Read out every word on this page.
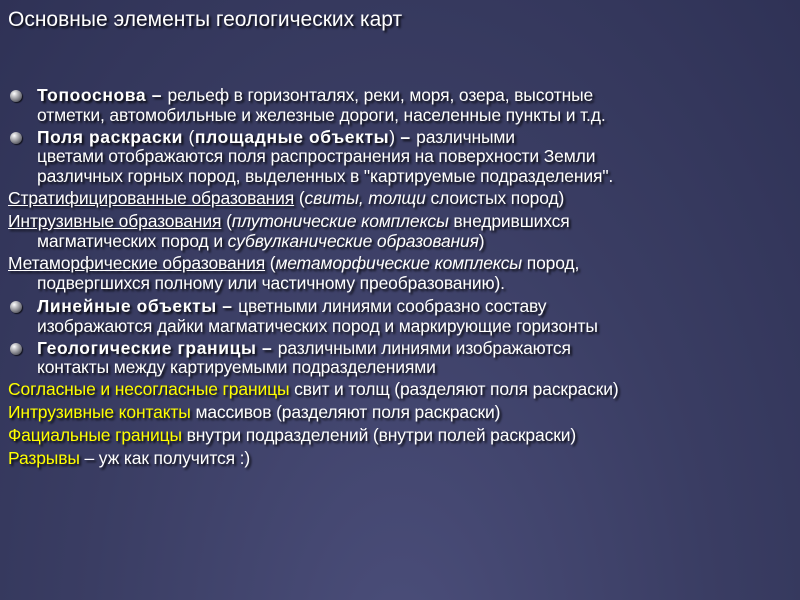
Основные элементы геологических карт
Топооснова – рельеф в горизонталях, реки, моря, озера, высотные
отметки, автомобильные и железные дороги, населенные пункты и т.д.
Поля раскраски (площадные объекты) – различными
цветами отображаются поля распространения на поверхности Земли
различных горных пород, выделенных в "картируемые подразделения".
Стратифицированные образования (свиты, толщи слоистых пород)
Интрузивные образования (плутонические комплексы внедрившихся
магматических пород и субвулканические образования)
Метаморфические образования (метаморфические комплексы пород,
подвергшихся полному или частичному преобразованию).
Линейные объекты – цветными линиями сообразно составу
изображаются дайки магматических пород и маркирующие горизонты
Геологические границы – различными линиями изображаются
контакты между картируемыми подразделениями
Согласные и несогласные границы свит и толщ (разделяют поля раскраски)
Интрузивные контакты массивов (разделяют поля раскраски)
Фациальные границы внутри подразделений (внутри полей раскраски)
Разрывы – уж как получится :)
